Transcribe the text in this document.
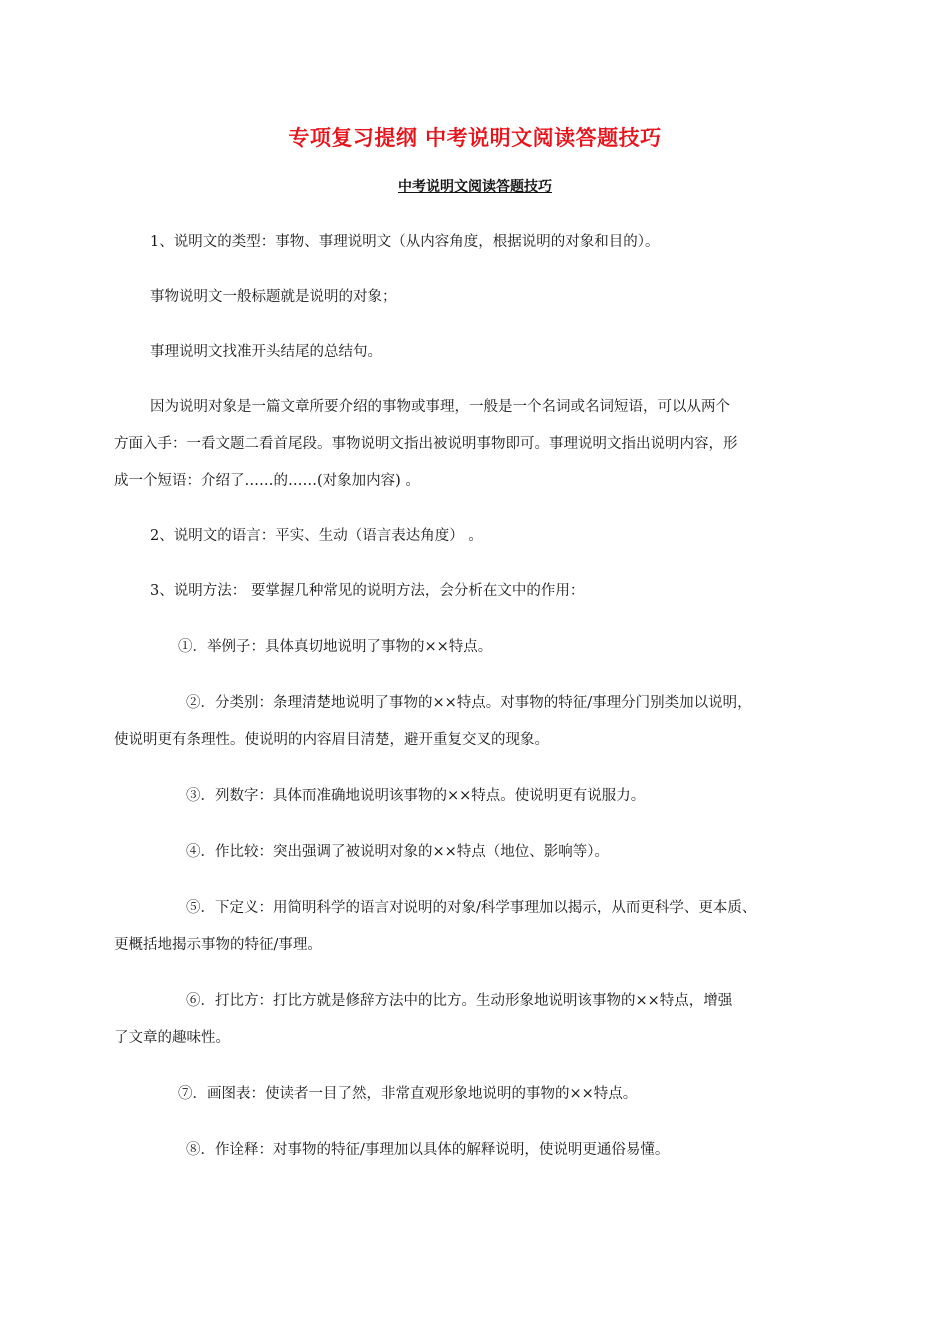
专项复习提纲 中考说明文阅读答题技巧
中考说明文阅读答题技巧
1、说明文的类型：事物、事理说明文（从内容角度，根据说明的对象和目的）。
事物说明文一般标题就是说明的对象；
事理说明文找准开头结尾的总结句。
因为说明对象是一篇文章所要介绍的事物或事理，一般是一个名词或名词短语，可以从两个
方面入手：一看文题二看首尾段。事物说明文指出被说明事物即可。事理说明文指出说明内容，形
成一个短语：介绍了……的……(对象加内容) 。
2、说明文的语言：平实、生动（语言表达角度） 。
3、说明方法： 要掌握几种常见的说明方法，会分析在文中的作用：
①．举例子：具体真切地说明了事物的××特点。
②．分类别：条理清楚地说明了事物的××特点。对事物的特征/事理分门别类加以说明，
使说明更有条理性。使说明的内容眉目清楚，避开重复交叉的现象。
③．列数字：具体而准确地说明该事物的××特点。使说明更有说服力。
④．作比较：突出强调了被说明对象的××特点（地位、影响等）。
⑤．下定义：用简明科学的语言对说明的对象/科学事理加以揭示，从而更科学、更本质、
更概括地揭示事物的特征/事理。
⑥．打比方：打比方就是修辞方法中的比方。生动形象地说明该事物的××特点，增强
了文章的趣味性。
⑦．画图表：使读者一目了然，非常直观形象地说明的事物的××特点。
⑧．作诠释：对事物的特征/事理加以具体的解释说明，使说明更通俗易懂。
